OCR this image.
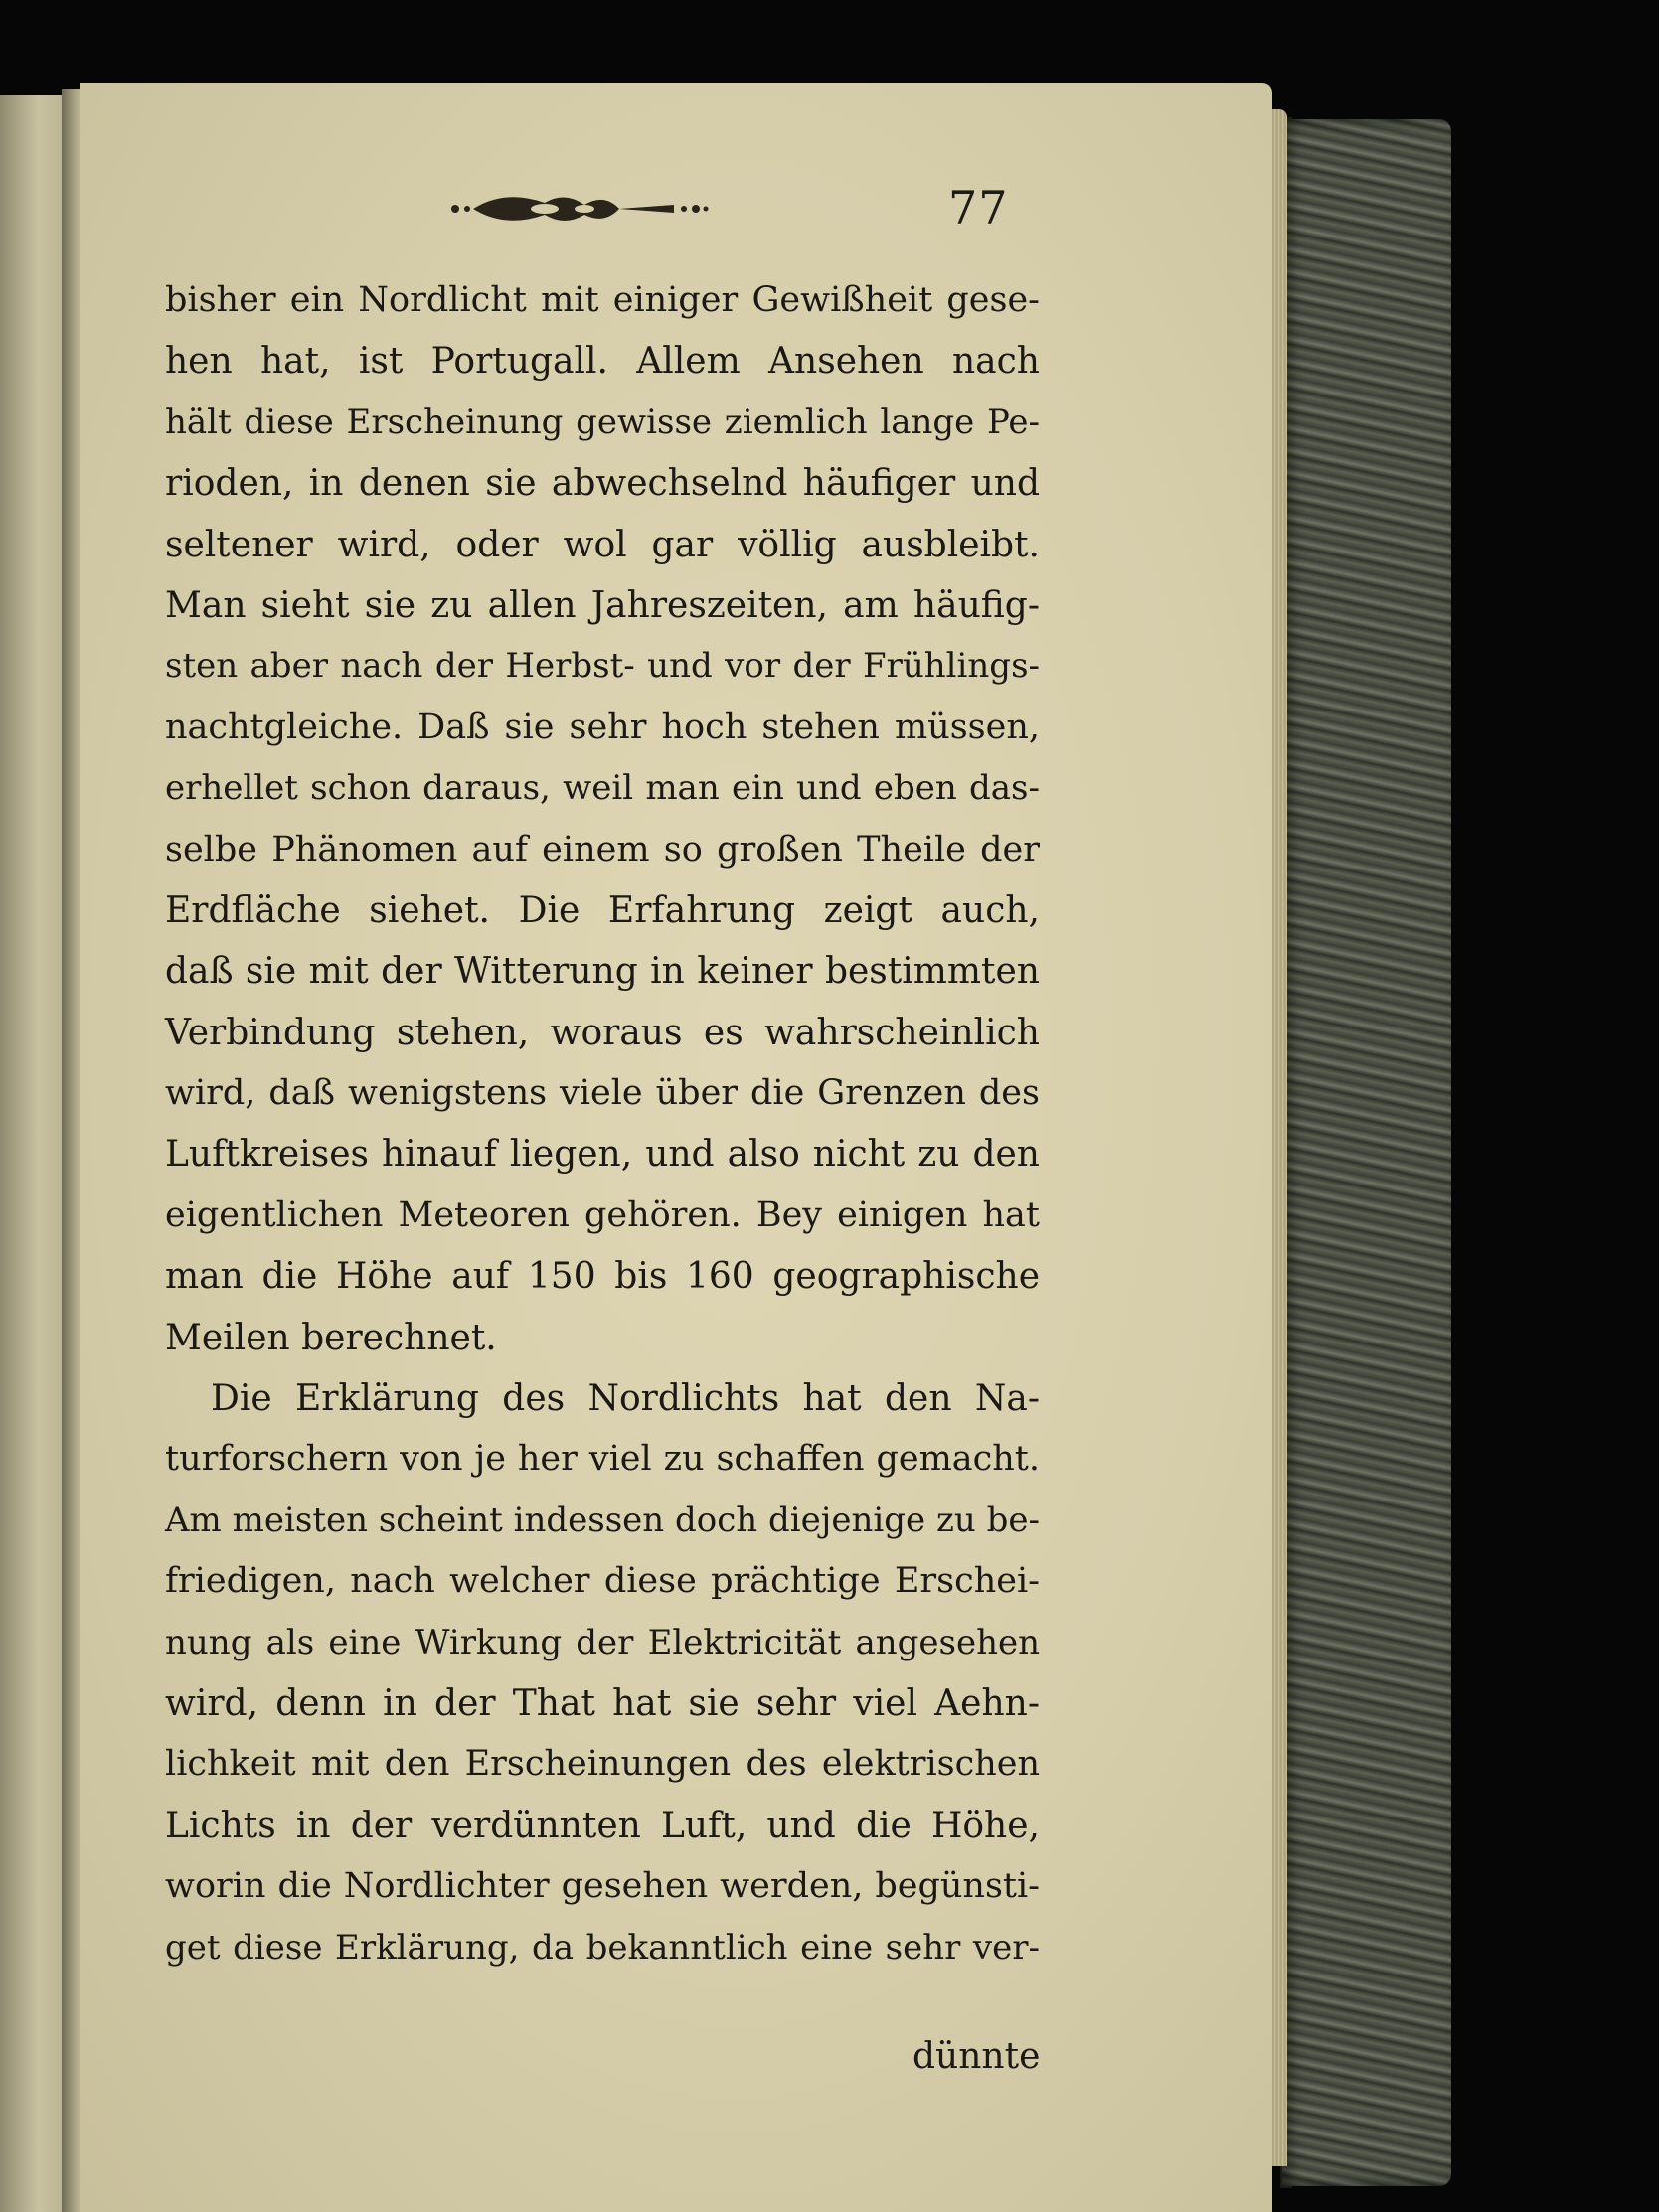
77
bisher ein Nordlicht mit einiger Gewißheit gese-
hen hat, ist Portugall. Allem Ansehen nach
hält diese Erscheinung gewisse ziemlich lange Pe-
rioden, in denen sie abwechselnd häufiger und
seltener wird, oder wol gar völlig ausbleibt.
Man sieht sie zu allen Jahreszeiten, am häufig-
sten aber nach der Herbst- und vor der Frühlings-
nachtgleiche. Daß sie sehr hoch stehen müssen,
erhellet schon daraus, weil man ein und eben das-
selbe Phänomen auf einem so großen Theile der
Erdfläche siehet. Die Erfahrung zeigt auch,
daß sie mit der Witterung in keiner bestimmten
Verbindung stehen, woraus es wahrscheinlich
wird, daß wenigstens viele über die Grenzen des
Luftkreises hinauf liegen, und also nicht zu den
eigentlichen Meteoren gehören. Bey einigen hat
man die Höhe auf 150 bis 160 geographische
Meilen berechnet.
Die Erklärung des Nordlichts hat den Na-
turforschern von je her viel zu schaffen gemacht.
Am meisten scheint indessen doch diejenige zu be-
friedigen, nach welcher diese prächtige Erschei-
nung als eine Wirkung der Elektricität angesehen
wird, denn in der That hat sie sehr viel Aehn-
lichkeit mit den Erscheinungen des elektrischen
Lichts in der verdünnten Luft, und die Höhe,
worin die Nordlichter gesehen werden, begünsti-
get diese Erklärung, da bekanntlich eine sehr ver-
dünnte
